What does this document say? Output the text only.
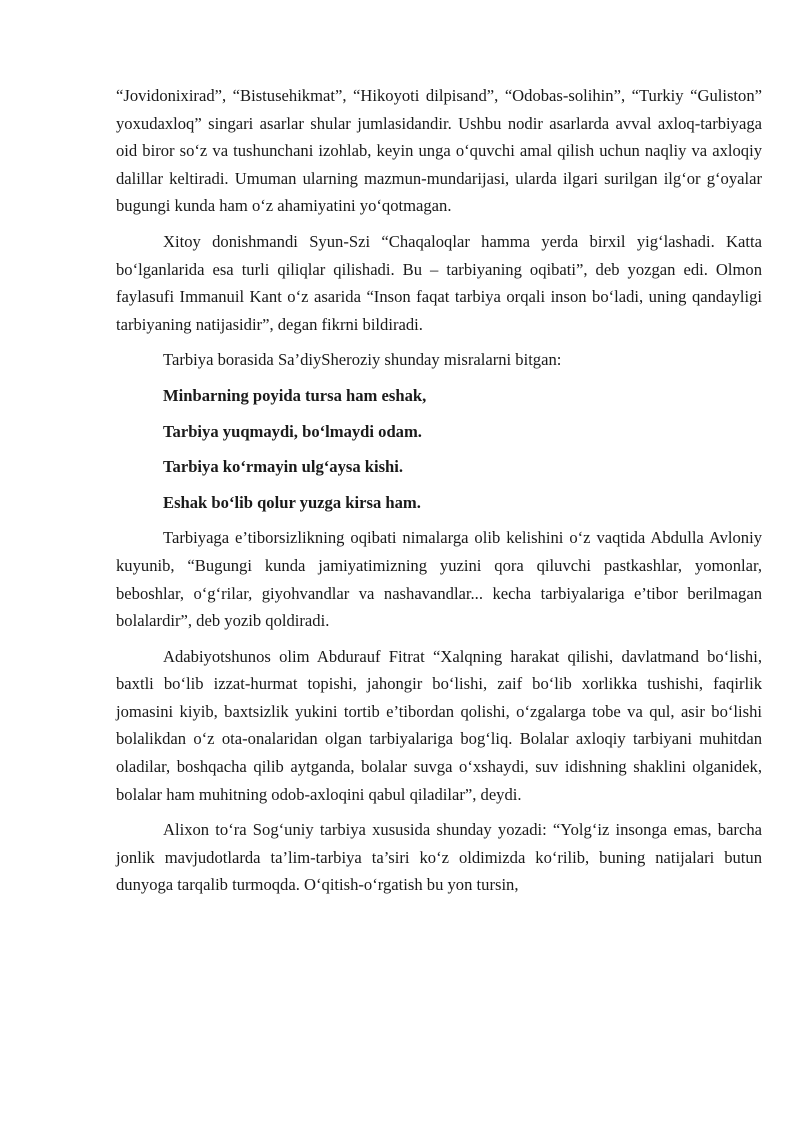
“Jovidonixirad”, “Bistusehikmat”, “Hikoyoti dilpisand”, “Odobas-solihin”, “Turkiy “Guliston” yoxudaxloq” singari asarlar shular jumlasidandir. Ushbu nodir asarlarda avval axloq-tarbiyaga oid biror so‘z va tushunchani izohlab, keyin unga o‘quvchi amal qilish uchun naqliy va axloqiy dalillar keltiradi. Umuman ularning mazmun-mundarijasi, ularda ilgari surilgan ilg‘or g‘oyalar bugungi kunda ham o‘z ahamiyatini yo‘qotmagan.

Xitoy donishmandi Syun-Szi “Chaqaloqlar hamma yerda birxil yig‘lashadi. Katta bo‘lganlarida esa turli qiliqlar qilishadi. Bu – tarbiyaning oqibati”, deb yozgan edi. Olmon faylasufi Immanuil Kant o‘z asarida “Inson faqat tarbiya orqali inson bo‘ladi, uning qandayligi tarbiyaning natijasidir”, degan fikrni bildiradi.

Tarbiya borasida Sa’diySheroziy shunday misralarni bitgan:

Minbarning poyida tursa ham eshak,

Tarbiya yuqmaydi, bo‘lmaydi odam.

Tarbiya ko‘rmayin ulg‘aysa kishi.

Eshak bo‘lib qolur yuzga kirsa ham.

Tarbiyaga e’tiborsizlikning oqibati nimalarga olib kelishini o‘z vaqtida Abdulla Avloniy kuyunib, “Bugungi kunda jamiyatimizning yuzini qora qiluvchi pastkashlar, yomonlar, beboshlar, o‘g‘rilar, giyohvandlar va nashavandlar... kecha tarbiyalariga e’tibor berilmagan bolalardir”, deb yozib qoldiradi.

Adabiyotshunos olim Abdurauf Fitrat “Xalqning harakat qilishi, davlatmand bo‘lishi, baxtli bo‘lib izzat-hurmat topishi, jahongir bo‘lishi, zaif bo‘lib xorlikka tushishi, faqirlik jomasini kiyib, baxtsizlik yukini tortib e’tibordan qolishi, o‘zgalarga tobe va qul, asir bo‘lishi bolalikdan o‘z ota-onalaridan olgan tarbiyalariga bog‘liq. Bolalar axloqiy tarbiyani muhitdan oladilar, boshqacha qilib aytganda, bolalar suvga o‘xshaydi, suv idishning shaklini olganidek, bolalar ham muhitning odob-axloqini qabul qiladilar”, deydi.

Alixon to‘ra Sog‘uniy tarbiya xususida shunday yozadi: “Yolg‘iz insonga emas, barcha jonlik mavjudotlarda ta’lim-tarbiya ta’siri ko‘z oldimizda ko‘rilib, buning natijalari butun dunyoga tarqalib turmoqda. O‘qitish-o‘rgatish bu yon tursin,
